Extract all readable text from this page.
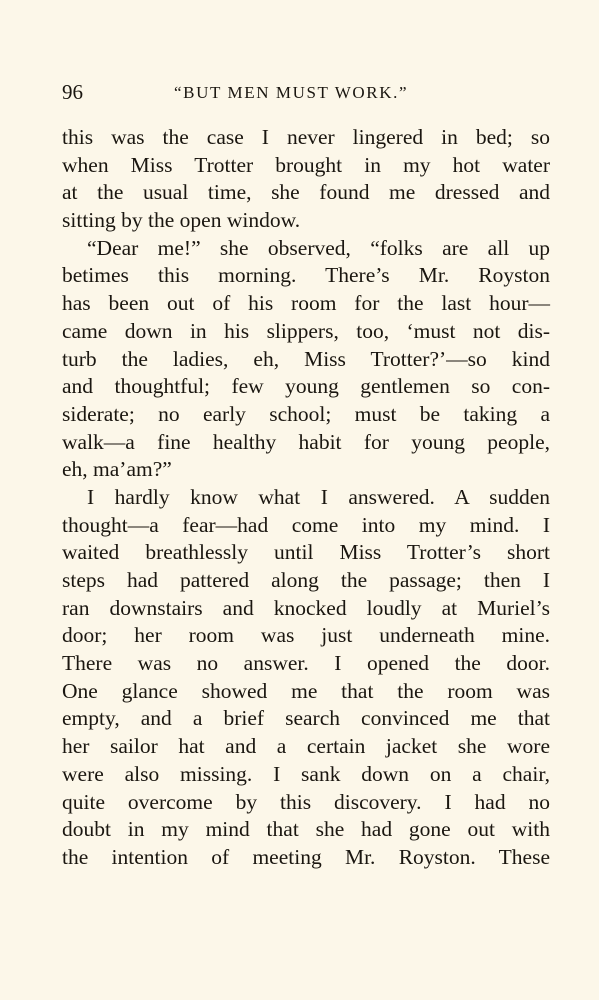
96	“BUT MEN MUST WORK.”
this was the case I never lingered in bed; so
when Miss Trotter brought in my hot water
at the usual time, she found me dressed and
sitting by the open window.
“Dear me!” she observed, “folks are all up
betimes this morning. There’s Mr. Royston
has been out of his room for the last hour—
came down in his slippers, too, ‘must not dis-
turb the ladies, eh, Miss Trotter?’—so kind
and thoughtful; few young gentlemen so con-
siderate; no early school; must be taking a
walk—a fine healthy habit for young people,
eh, ma’am?”
I hardly know what I answered. A sudden
thought—a fear—had come into my mind. I
waited breathlessly until Miss Trotter’s short
steps had pattered along the passage; then I
ran downstairs and knocked loudly at Muriel’s
door; her room was just underneath mine.
There was no answer. I opened the door.
One glance showed me that the room was
empty, and a brief search convinced me that
her sailor hat and a certain jacket she wore
were also missing. I sank down on a chair,
quite overcome by this discovery. I had no
doubt in my mind that she had gone out with
the intention of meeting Mr. Royston. These
